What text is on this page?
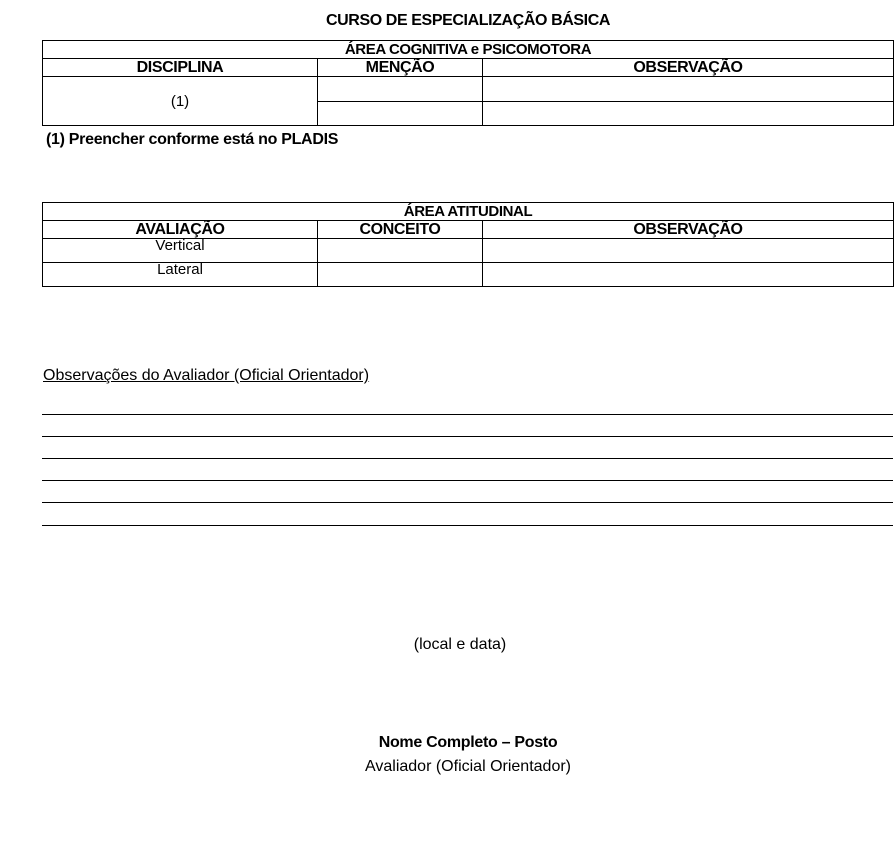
CURSO DE ESPECIALIZAÇÃO BÁSICA
ÁREA COGNITIVA e PSICOMOTORA		
DISCIPLINA	MENÇÃO	OBSERVAÇÃO
(1)		

(1) Preencher conforme está no PLADIS
ÁREA ATITUDINAL		
AVALIAÇÃO	CONCEITO	OBSERVAÇÃO
Vertical		
Lateral		
Observações do Avaliador (Oficial Orientador)
(local e data)
Nome Completo – Posto
Avaliador (Oficial Orientador)
